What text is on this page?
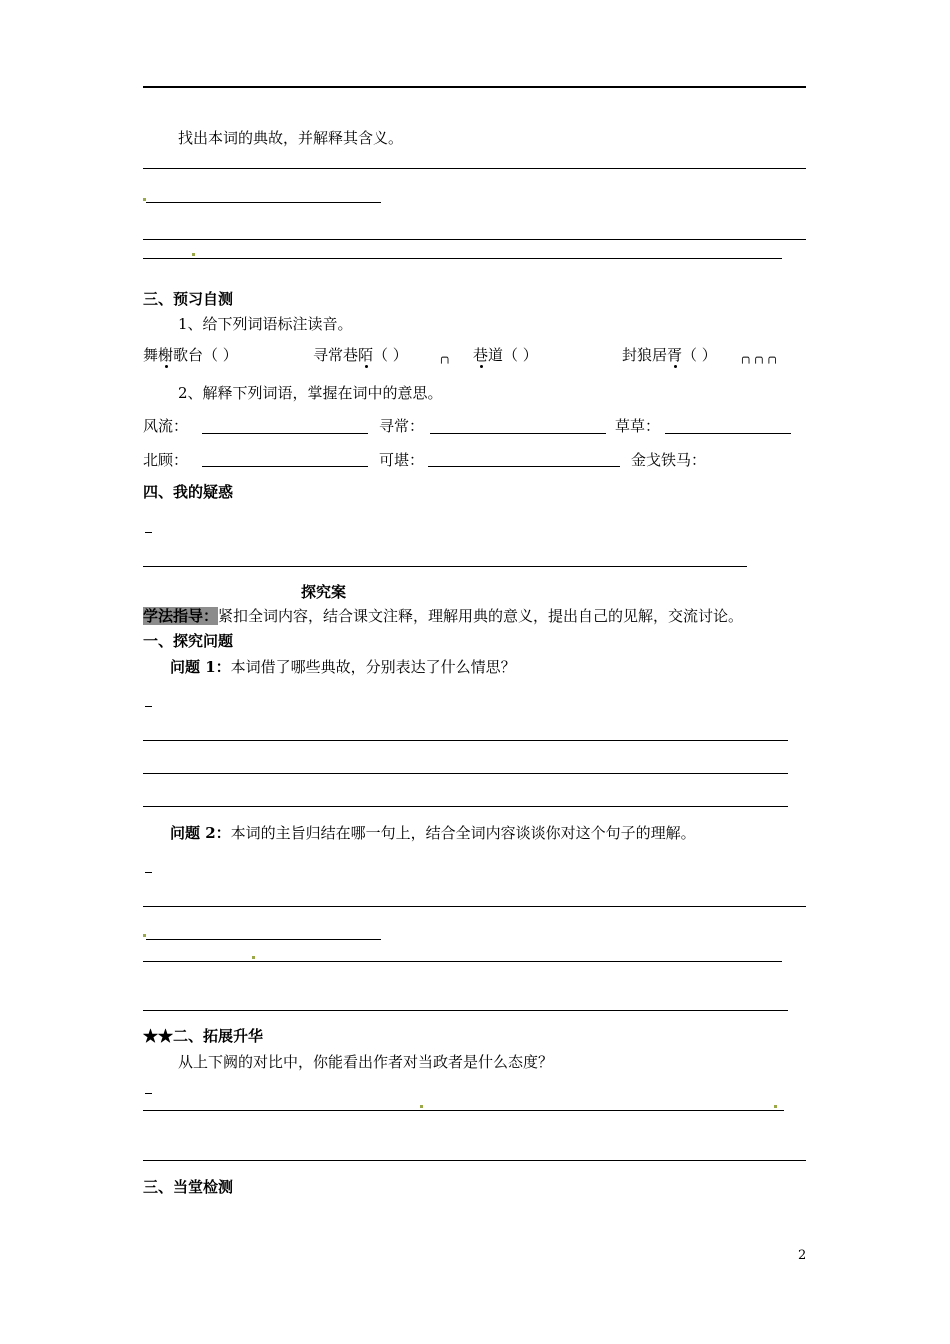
找出本词的典故，并解释其含义。
三、预习自测
1、给下列词语标注读音。
舞榭歌台（ ）	寻常巷陌（ ）	╭╮ 巷道（ ）	封狼居胥（ ） ╭╮╭╮╭╮
2、解释下列词语，掌握在词中的意思。
风流：	寻常：	草草：
北顾：	可堪：	金戈铁马：
四、我的疑惑
探究案
学法指导：紧扣全词内容，结合课文注释，理解用典的意义，提出自己的见解，交流讨论。
一、探究问题
问题 1：本词借了哪些典故，分别表达了什么情思？
问题 2：本词的主旨归结在哪一句上，结合全词内容谈谈你对这个句子的理解。
★★二、拓展升华
从上下阙的对比中，你能看出作者对当政者是什么态度？
三、当堂检测
2
